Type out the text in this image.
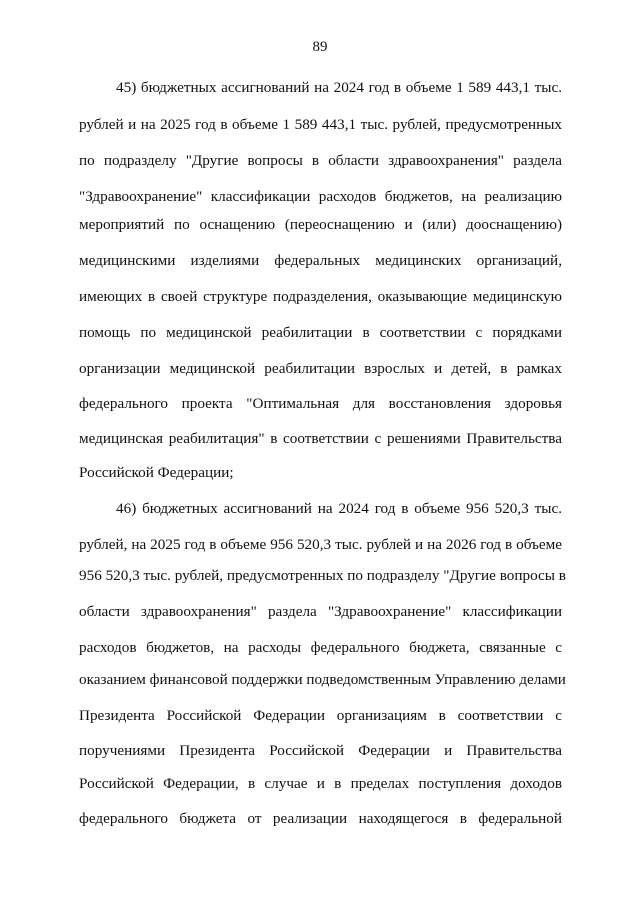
89
45) бюджетных ассигнований на 2024 год в объеме 1 589 443,1 тыс.
рублей и на 2025 год в объеме 1 589 443,1 тыс. рублей, предусмотренных
по подразделу "Другие вопросы в области здравоохранения" раздела
"Здравоохранение" классификации расходов бюджетов, на реализацию
мероприятий по оснащению (переоснащению и (или) дооснащению)
медицинскими изделиями федеральных медицинских организаций,
имеющих в своей структуре подразделения, оказывающие медицинскую
помощь по медицинской реабилитации в соответствии с порядками
организации медицинской реабилитации взрослых и детей, в рамках
федерального проекта "Оптимальная для восстановления здоровья
медицинская реабилитация" в соответствии с решениями Правительства
Российской Федерации;
46) бюджетных ассигнований на 2024 год в объеме 956 520,3 тыс.
рублей, на 2025 год в объеме 956 520,3 тыс. рублей и на 2026 год в объеме
956 520,3 тыс. рублей, предусмотренных по подразделу "Другие вопросы в
области здравоохранения" раздела "Здравоохранение" классификации
расходов бюджетов, на расходы федерального бюджета, связанные с
оказанием финансовой поддержки подведомственным Управлению делами
Президента Российской Федерации организациям в соответствии с
поручениями Президента Российской Федерации и Правительства
Российской Федерации, в случае и в пределах поступления доходов
федерального бюджета от реализации находящегося в федеральной
